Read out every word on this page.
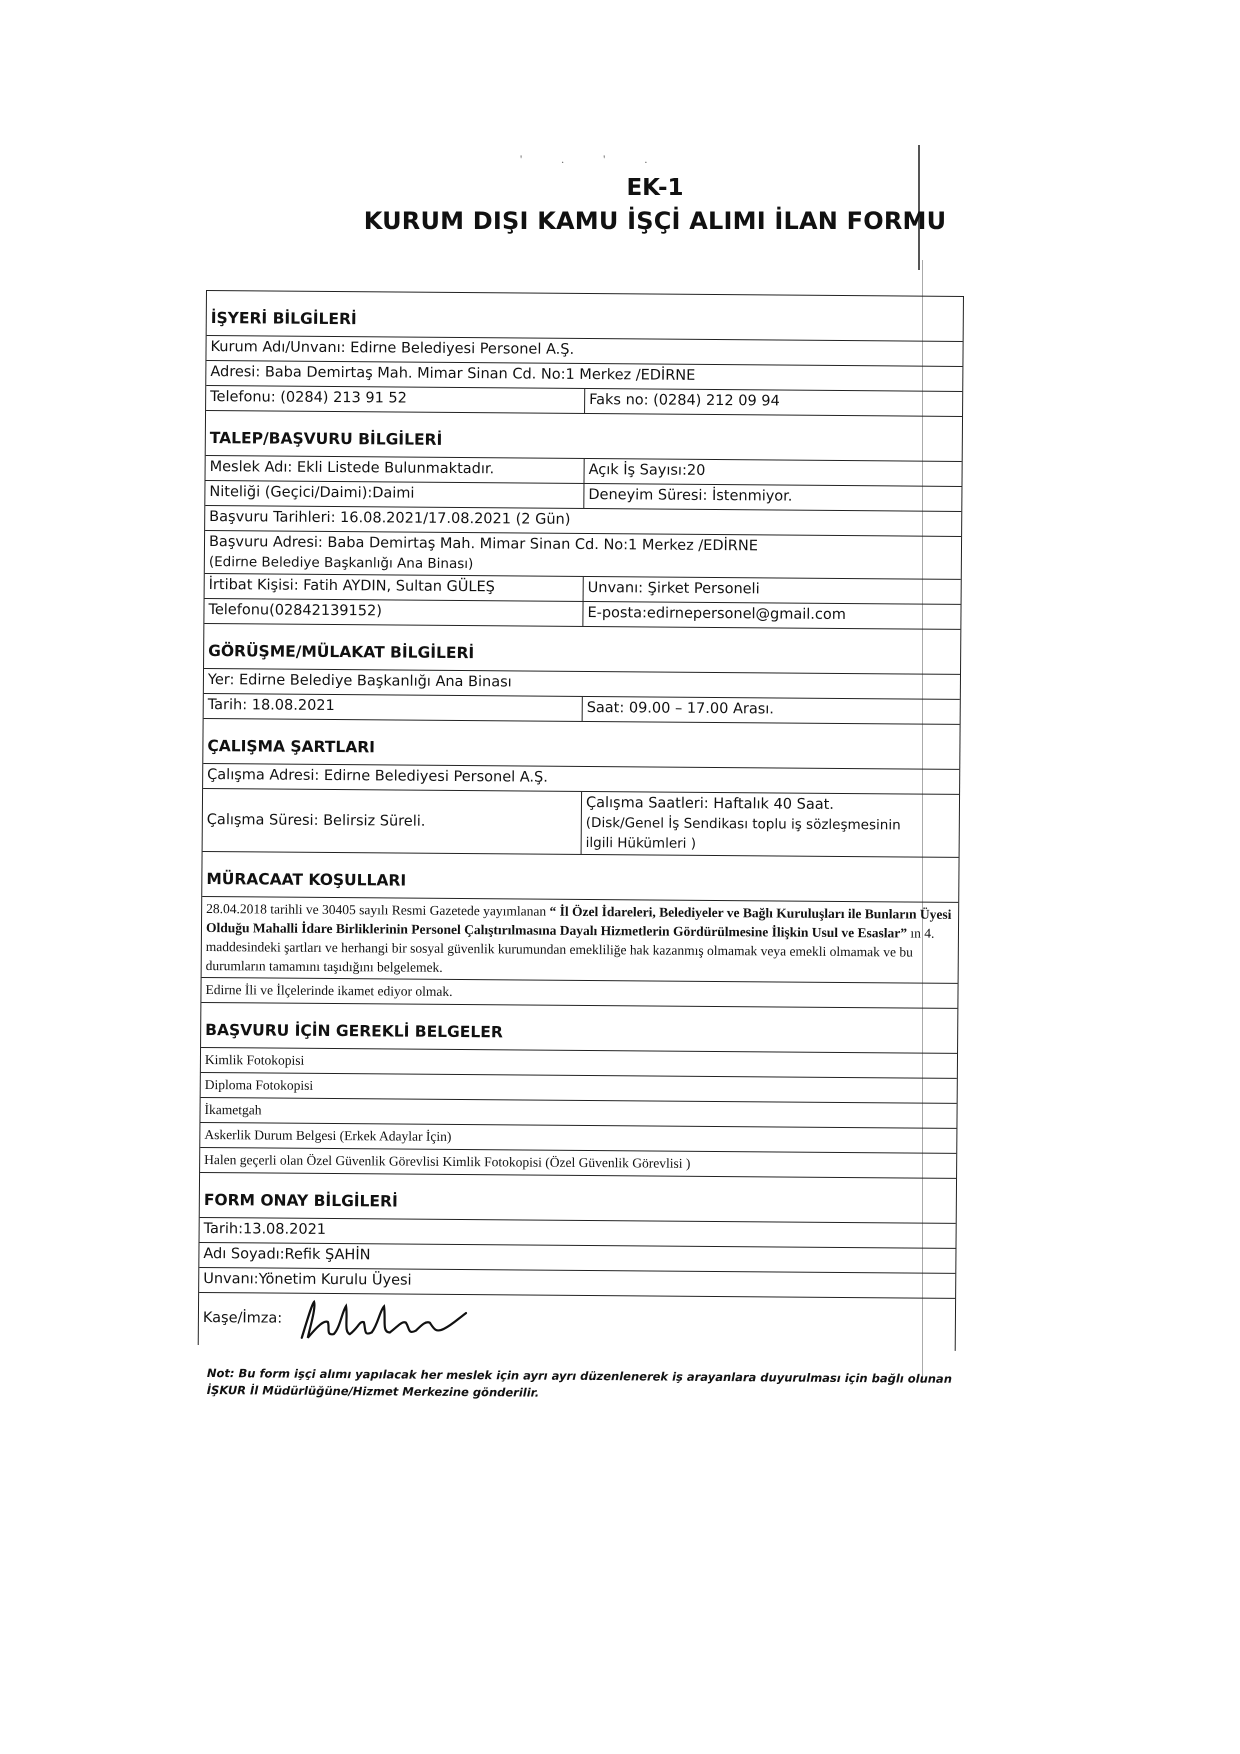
' . ' .
EK-1
KURUM DIŞI KAMU İŞÇİ ALIMI İLAN FORMU
İŞYERİ BİLGİLERİ
Kurum Adı/Unvanı: Edirne Belediyesi Personel A.Ş.
Adresi: Baba Demirtaş Mah. Mimar Sinan Cd. No:1 Merkez /EDİRNE
Telefonu: (0284) 213 91 52	Faks no: (0284) 212 09 94
TALEP/BAŞVURU BİLGİLERİ
Meslek Adı: Ekli Listede Bulunmaktadır.	Açık İş Sayısı:20
Niteliği (Geçici/Daimi):Daimi	Deneyim Süresi: İstenmiyor.
Başvuru Tarihleri: 16.08.2021/17.08.2021 (2 Gün)
Başvuru Adresi: Baba Demirtaş Mah. Mimar Sinan Cd. No:1 Merkez /EDİRNE
(Edirne Belediye Başkanlığı Ana Binası)
İrtibat Kişisi: Fatih AYDIN, Sultan GÜLEŞ	Unvanı: Şirket Personeli
Telefonu(02842139152)	E-posta:edirnepersonel@gmail.com
GÖRÜŞME/MÜLAKAT BİLGİLERİ
Yer: Edirne Belediye Başkanlığı Ana Binası
Tarih: 18.08.2021	Saat: 09.00 – 17.00 Arası.
ÇALIŞMA ŞARTLARI
Çalışma Adresi: Edirne Belediyesi Personel A.Ş.
Çalışma Süresi: Belirsiz Süreli.
Çalışma Saatleri: Haftalık 40 Saat.
(Disk/Genel İş Sendikası toplu iş sözleşmesinin
ilgili Hükümleri )
MÜRACAAT KOŞULLARI
28.04.2018 tarihli ve 30405 sayılı Resmi Gazetede yayımlanan “ İl Özel İdareleri, Belediyeler ve Bağlı Kuruluşları ile Bunların Üyesi Olduğu Mahalli İdare Birliklerinin Personel Çalıştırılmasına Dayalı Hizmetlerin Gördürülmesine İlişkin Usul ve Esaslar” ın 4. maddesindeki şartları ve herhangi bir sosyal güvenlik kurumundan emekliliğe hak kazanmış olmamak veya emekli olmamak ve bu durumların tamamını taşıdığını belgelemek.
Edirne İli ve İlçelerinde ikamet ediyor olmak.
BAŞVURU İÇİN GEREKLİ BELGELER
Kimlik Fotokopisi
Diploma Fotokopisi
İkametgah
Askerlik Durum Belgesi (Erkek Adaylar İçin)
Halen geçerli olan Özel Güvenlik Görevlisi Kimlik Fotokopisi (Özel Güvenlik Görevlisi )
FORM ONAY BİLGİLERİ
Tarih:13.08.2021
Adı Soyadı:Refik ŞAHİN
Unvanı:Yönetim Kurulu Üyesi
Kaşe/İmza:
Not: Bu form işçi alımı yapılacak her meslek için ayrı ayrı düzenlenerek iş arayanlara duyurulması için bağlı olunan İŞKUR İl Müdürlüğüne/Hizmet Merkezine gönderilir.
